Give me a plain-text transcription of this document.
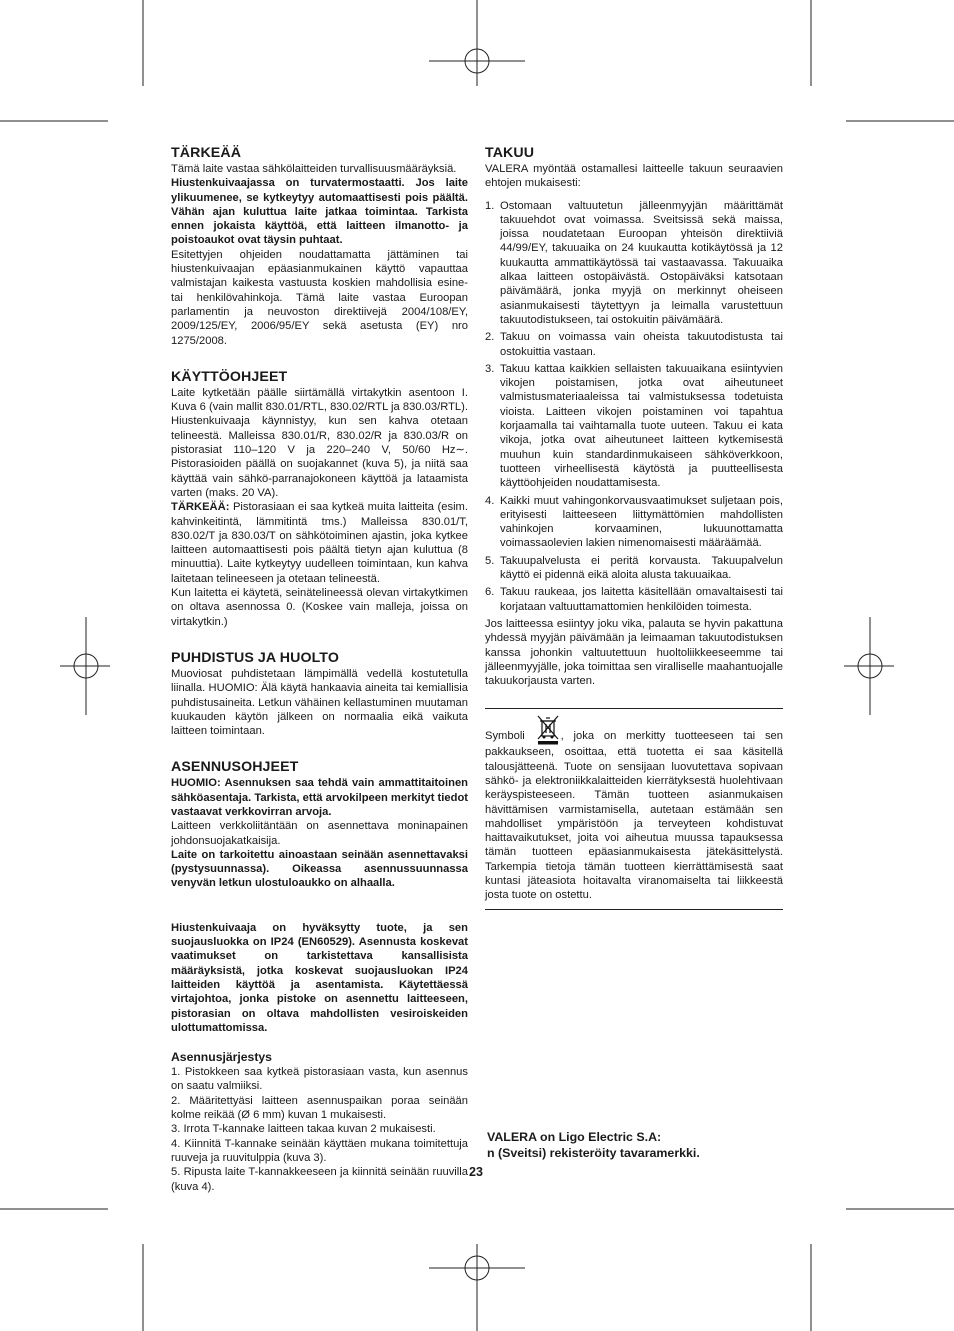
TÄRKEÄÄ

Tämä laite vastaa sähkölaitteiden turvallisuusmääräyksiä.

Hiustenkuivaajassa on turvatermostaatti. Jos laite ylikuumenee, se kytkeytyy automaattisesti pois päältä. Vähän ajan kuluttua laite jatkaa toimintaa. Tarkista ennen jokaista käyttöä, että laitteen ilmanotto- ja poistoaukot ovat täysin puhtaat.

Esitettyjen ohjeiden noudattamatta jättäminen tai hiustenkuivaajan epäasianmukainen käyttö vapauttaa valmistajan kaikesta vastuusta koskien mahdollisia esine- tai henkilövahinkoja. Tämä laite vastaa Euroopan parlamentin ja neuvoston direktiivejä 2004/108/EY, 2009/125/EY, 2006/95/EY sekä asetusta (EY) nro 1275/2008.

KÄYTTÖOHJEET

Laite kytketään päälle siirtämällä virtakytkin asentoon I. Kuva 6 (vain mallit 830.01/RTL, 830.02/RTL ja 830.03/RTL). Hiustenkuivaaja käynnistyy, kun sen kahva otetaan telineestä. Malleissa 830.01/R, 830.02/R ja 830.03/R on pistorasiat 110–120 V ja 220–240 V, 50/60 Hz∼. Pistorasioiden päällä on suojakannet (kuva 5), ja niitä saa käyttää vain sähkö-parranajokoneen käyttöä ja lataamista varten (maks. 20 VA).

TÄRKEÄÄ: Pistorasiaan ei saa kytkeä muita laitteita (esim. kahvinkeitintä, lämmitintä tms.) Malleissa 830.01/T, 830.02/T ja 830.03/T on sähkötoiminen ajastin, joka kytkee laitteen automaattisesti pois päältä tietyn ajan kuluttua (8 minuuttia). Laite kytkeytyy uudelleen toimintaan, kun kahva laitetaan telineeseen ja otetaan telineestä.

Kun laitetta ei käytetä, seinätelineessä olevan virtakytkimen on oltava asennossa 0. (Koskee vain malleja, joissa on virtakytkin.)

PUHDISTUS JA HUOLTO

Muoviosat puhdistetaan lämpimällä vedellä kostutetulla liinalla. HUOMIO: Älä käytä hankaavia aineita tai kemiallisia puhdistusaineita. Letkun vähäinen kellastuminen muutaman kuukauden käytön jälkeen on normaalia eikä vaikuta laitteen toimintaan.

ASENNUSOHJEET

HUOMIO: Asennuksen saa tehdä vain ammattitaitoinen sähköasentaja. Tarkista, että arvokilpeen merkityt tiedot vastaavat verkkovirran arvoja.

Laitteen verkkoliitäntään on asennettava moninapainen johdonsuojakatkaisija.

Laite on tarkoitettu ainoastaan seinään asennettavaksi (pystysuunnassa). Oikeassa asennussuunnassa venyvän letkun ulostuloaukko on alhaalla.

Hiustenkuivaaja on hyväksytty tuote, ja sen suojausluokka on IP24 (EN60529). Asennusta koskevat vaatimukset on tarkistettava kansallisista määräyksistä, jotka koskevat suojausluokan IP24 laitteiden käyttöä ja asentamista. Käytettäessä virtajohtoa, jonka pistoke on asennettu laitteeseen, pistorasian on oltava mahdollisten vesiroiskeiden ulottumattomissa.

Asennusjärjestys
1. Pistokkeen saa kytkeä pistorasiaan vasta, kun asennus on saatu valmiiksi.
2. Määritettyäsi laitteen asennuspaikan poraa seinään kolme reikää (Ø 6 mm) kuvan 1 mukaisesti.
3. Irrota T-kannake laitteen takaa kuvan 2 mukaisesti.
4. Kiinnitä T-kannake seinään käyttäen mukana toimitettuja ruuveja ja ruuvitulppia (kuva 3).
5. Ripusta laite T-kannakkeeseen ja kiinnitä seinään ruuvilla (kuva 4).
TAKUU

VALERA myöntää ostamallesi laitteelle takuun seuraavien ehtojen mukaisesti:

1. Ostomaan valtuutetun jälleenmyyjän määrittämät takuuehdot ovat voimassa. Sveitsissä sekä maissa, joissa noudatetaan Euroopan yhteisön direktiiviä 44/99/EY, takuuaika on 24 kuukautta kotikäytössä ja 12 kuukautta ammattikäytössä tai vastaavassa. Takuuaika alkaa laitteen ostopäivästä. Ostopäiväksi katsotaan päivämäärä, jonka myyjä on merkinnyt oheiseen asianmukaisesti täytettyyn ja leimalla varustettuun takuutodistukseen, tai ostokuitin päivämäärä.
2. Takuu on voimassa vain oheista takuutodistusta tai ostokuittia vastaan.
3. Takuu kattaa kaikkien sellaisten takuuaikana esiintyvien vikojen poistamisen, jotka ovat aiheutuneet valmistusmateriaaleissa tai valmistuksessa todetuista vioista. Laitteen vikojen poistaminen voi tapahtua korjaamalla tai vaihtamalla tuote uuteen. Takuu ei kata vikoja, jotka ovat aiheutuneet laitteen kytkemisestä muuhun kuin standardinmukaiseen sähköverkkoon, tuotteen virheellisestä käytöstä ja puutteellisesta käyttöohjeiden noudattamisesta.
4. Kaikki muut vahingonkorvausvaatimukset suljetaan pois, erityisesti laitteeseen liittymättömien mahdollisten vahinkojen korvaaminen, lukuunottamatta voimassaolevien lakien nimenomaisesti määräämää.
5. Takuupalvelusta ei peritä korvausta. Takuupalvelun käyttö ei pidennä eikä aloita alusta takuuaikaa.
6. Takuu raukeaa, jos laitetta käsitellään omavaltaisesti tai korjataan valtuuttamattomien henkilöiden toimesta.

Jos laitteessa esiintyy joku vika, palauta se hyvin pakattuna yhdessä myyjän päivämään ja leimaaman takuutodistuksen kanssa johonkin valtuutettuun huoltoliikkeeseemme tai jälleenmyyjälle, joka toimittaa sen viralliselle maahantuojalle takuukorjausta varten.

Symboli , joka on merkitty tuotteeseen tai sen pakkaukseen, osoittaa, että tuotetta ei saa käsitellä talousjätteenä. Tuote on sensijaan luovutettava sopivaan sähkö- ja elektroniikkalaitteiden kierrätyksestä huolehtivaan keräyspisteeseen. Tämän tuotteen asianmukaisen hävittämisen varmistamisella, autetaan estämään sen mahdolliset ympäristöön ja terveyteen kohdistuvat haittavaikutukset, joita voi aiheutua muussa tapauksessa tämän tuotteen epäasianmukaisesta jätekäsittelystä. Tarkempia tietoja tämän tuotteen kierrättämisestä saat kuntasi jäteasiota hoitavalta viranomaiselta tai liikkeestä josta tuote on ostettu.

VALERA on Ligo Electric S.A:
n (Sveitsi) rekisteröity tavaramerkki.
23
